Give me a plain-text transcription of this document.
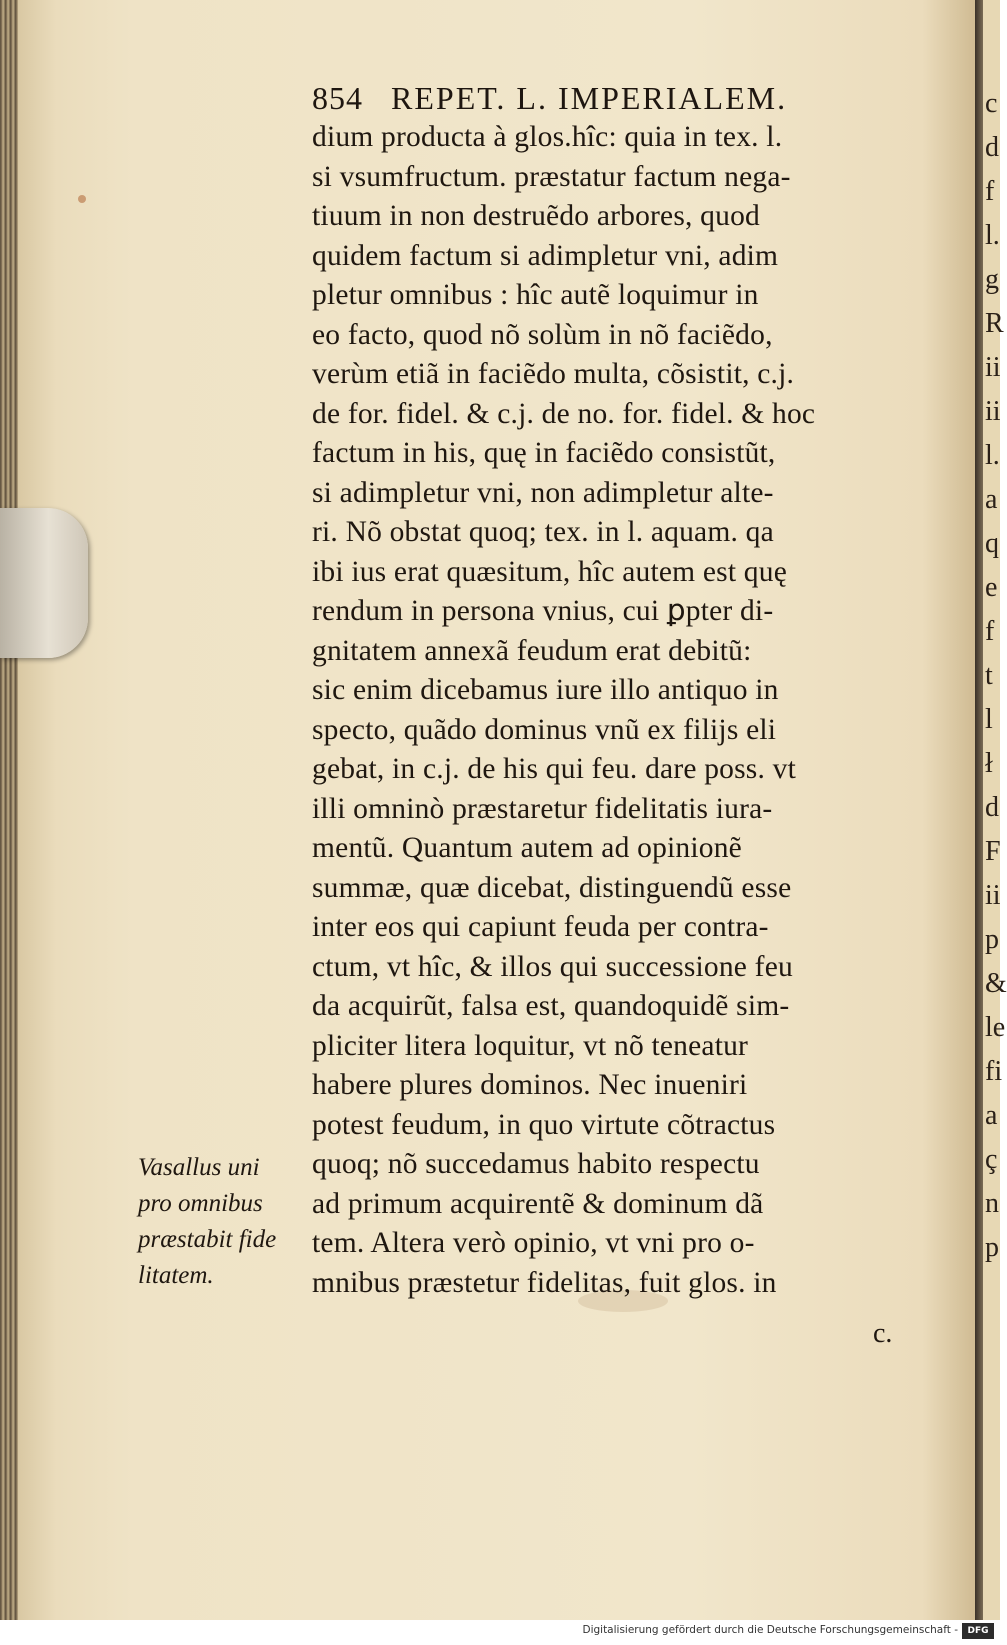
c
d
f
l.
g
R
ii
ii
l.
a
q
e
f
t
l
ł
d
F
ii
p
&
le
fi
a
ç
n
p
854 REPET. L. IMPERIALEM.
dium producta à glos.hîc: quia in tex. l.
si vsumfructum. præstatur factum nega-
tiuum in non destruẽdo arbores, quod
quidem factum si adimpletur vni, adim
pletur omnibus : hîc autẽ loquimur in
eo facto, quod nõ solùm in nõ faciẽdo,
verùm etiã in faciẽdo multa, cõsistit, c.j.
de for. fidel. & c.j. de no. for. fidel. & hoc
factum in his, quę in faciẽdo consistũt,
si adimpletur vni, non adimpletur alte-
ri. Nõ obstat quoq; tex. in l. aquam. qa
ibi ius erat quæsitum, hîc autem est quę
rendum in persona vnius, cui ꝑpter di-
gnitatem annexã feudum erat debitũ:
sic enim dicebamus iure illo antiquo in
specto, quãdo dominus vnũ ex filijs eli
gebat, in c.j. de his qui feu. dare poss. vt
illi omninò præstaretur fidelitatis iura-
mentũ. Quantum autem ad opinionẽ
summæ, quæ dicebat, distinguendũ esse
inter eos qui capiunt feuda per contra-
ctum, vt hîc, & illos qui successione feu
da acquirũt, falsa est, quandoquidẽ sim-
pliciter litera loquitur, vt nõ teneatur
habere plures dominos. Nec inueniri
potest feudum, in quo virtute cõtractus
quoq; nõ succedamus habito respectu
ad primum acquirentẽ & dominum dã
tem. Altera verò opinio, vt vni pro o-
mnibus præstetur fidelitas, fuit glos. in
c.
Vasallus uni
pro omnibus
præstabit fide
litatem.
Digitalisierung gefördert durch die Deutsche Forschungsgemeinschaft -	DFG
